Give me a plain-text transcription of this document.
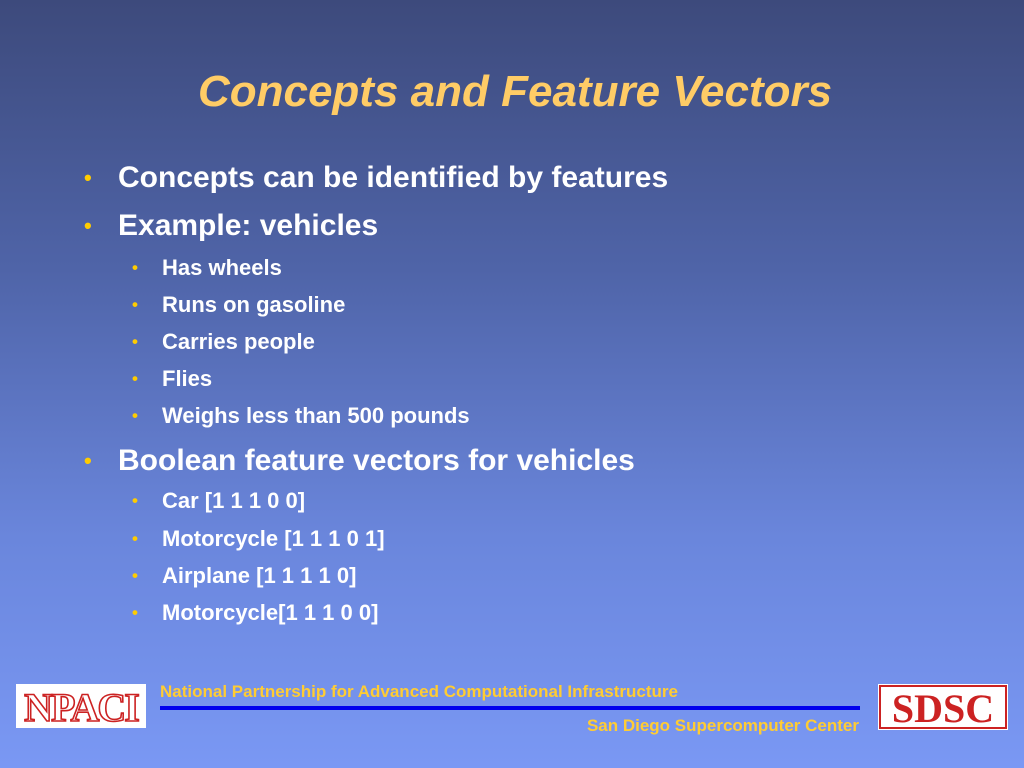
Concepts and Feature Vectors
• Concepts can be identified by features
• Example: vehicles
• Has wheels
• Runs on gasoline
• Carries people
• Flies
• Weighs less than 500 pounds
• Boolean feature vectors for vehicles
• Car [1 1 1 0 0]
• Motorcycle [1 1 1 0 1]
• Airplane [1 1 1 1 0]
• Motorcycle[1 1 1 0 0]
NPACI National Partnership for Advanced Computational Infrastructure
San Diego Supercomputer Center SDSC
